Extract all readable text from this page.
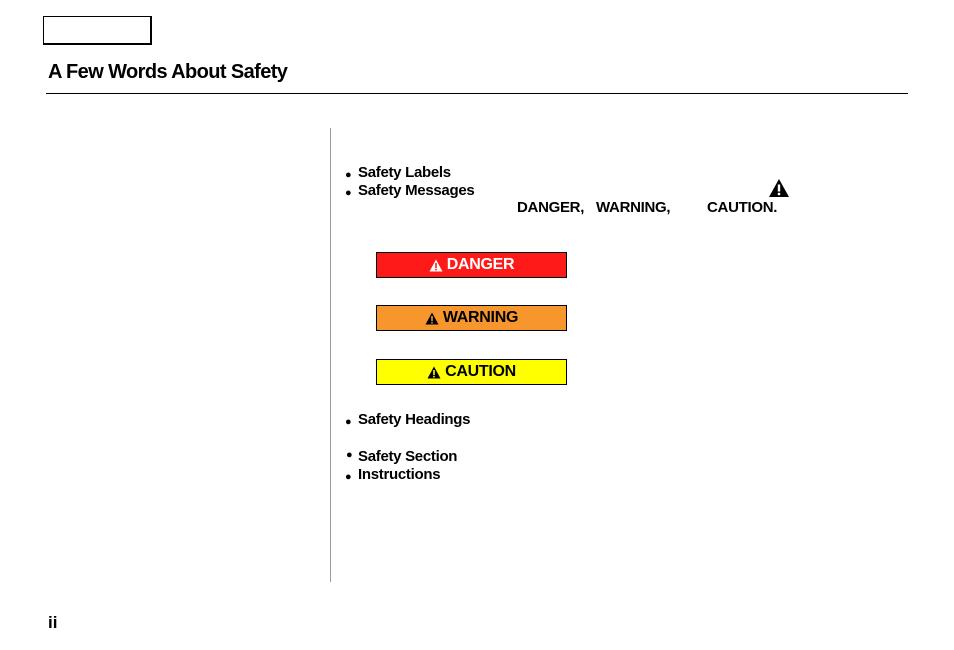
A Few Words About Safety
● Safety Labels
● Safety Messages
DANGER, WARNING, CAUTION.
DANGER
WARNING
CAUTION
● Safety Headings
● Safety Section
● Instructions
ii
